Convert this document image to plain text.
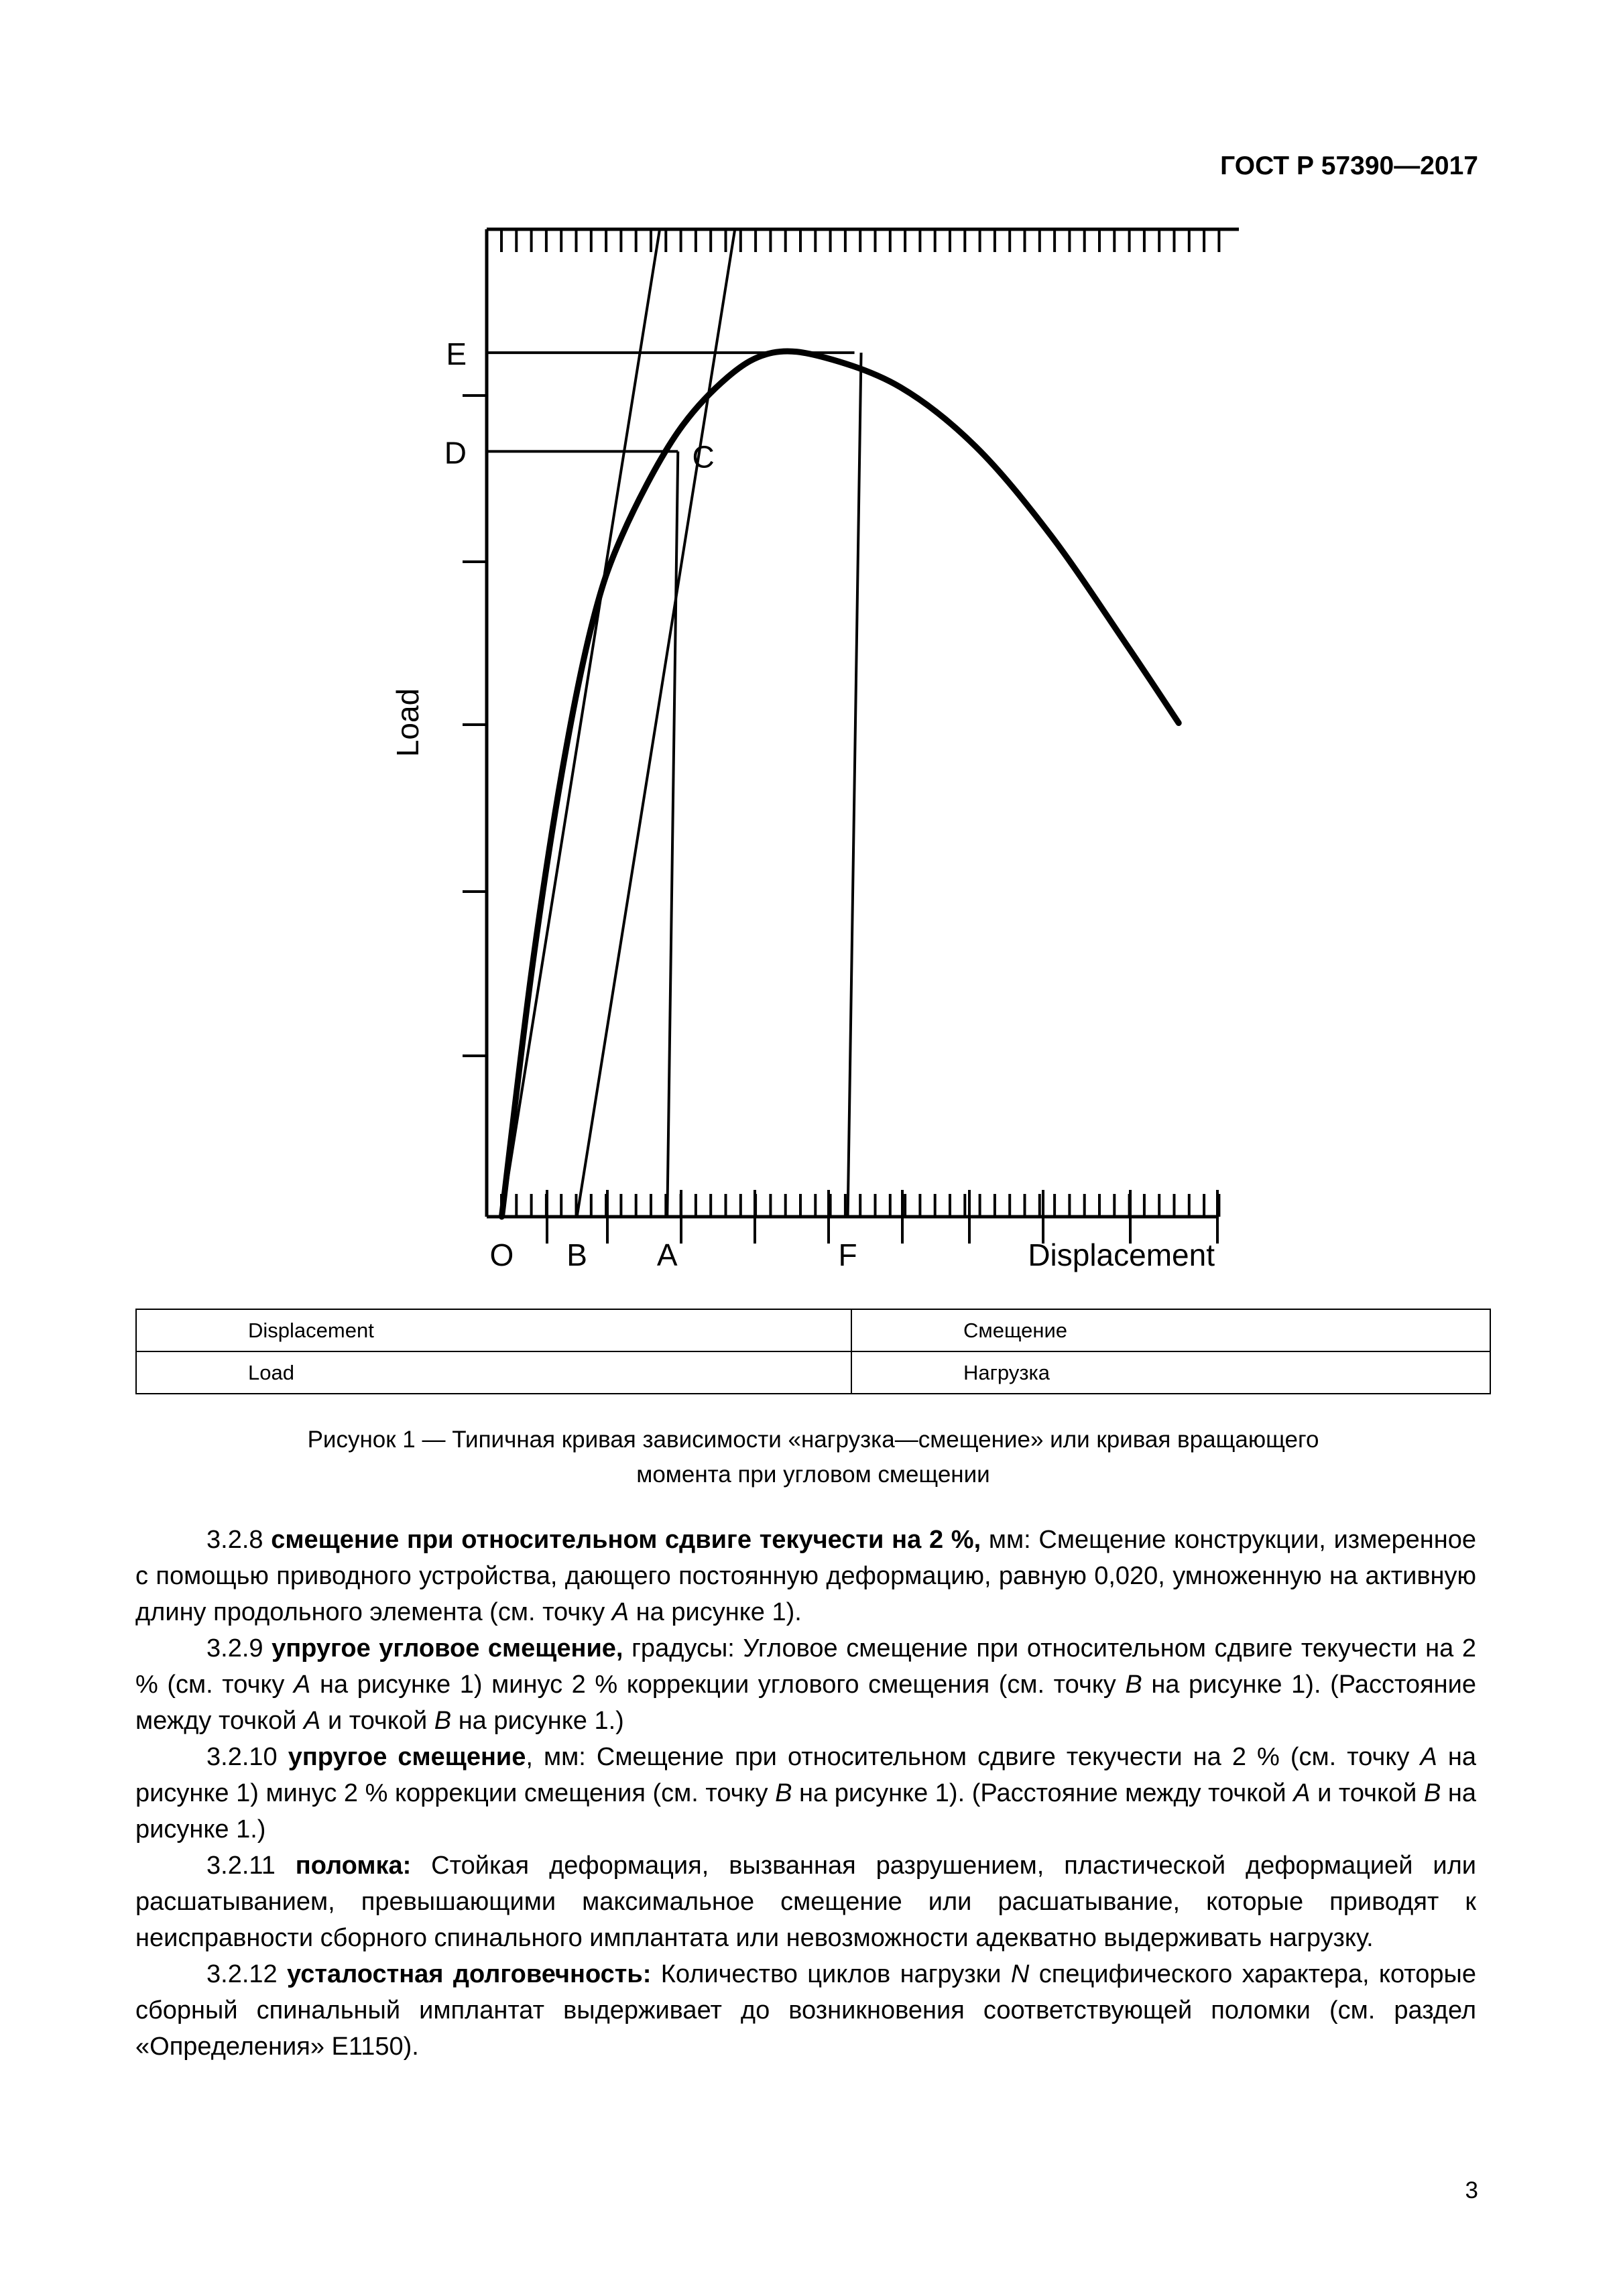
ГОСТ Р 57390—2017
O B A	F
E
D	C
Displacement
Load
Displacement	Смещение
Load	Нагрузка
Рисунок 1 — Типичная кривая зависимости «нагрузка—смещение» или кривая вращающего
момента при угловом смещении

3.2.8 смещение при относительном сдвиге текучести на 2 %, мм: Смещение конструкции, измеренное с помощью приводного устройства, дающего постоянную деформацию, равную 0,020, умноженную на активную длину продольного элемента (см. точку А на рисунке 1).

3.2.9 упругое угловое смещение, градусы: Угловое смещение при относительном сдвиге текучести на 2 % (см. точку А на рисунке 1) минус 2 % коррекции углового смещения (см. точку В на рисунке 1). (Расстояние между точкой А и точкой В на рисунке 1.)

3.2.10 упругое смещение, мм: Смещение при относительном сдвиге текучести на 2 % (см. точку А на рисунке 1) минус 2 % коррекции смещения (см. точку В на рисунке 1). (Расстояние между точкой А и точкой В на рисунке 1.)

3.2.11 поломка: Стойкая деформация, вызванная разрушением, пластической деформацией или расшатыванием, превышающими максимальное смещение или расшатывание, которые приводят к неисправности сборного спинального имплантата или невозможности адекватно выдерживать нагрузку.

3.2.12 усталостная долговечность: Количество циклов нагрузки N специфического характера, которые сборный спинальный имплантат выдерживает до возникновения соответствующей поломки (см. раздел «Определения» Е1150).

3
